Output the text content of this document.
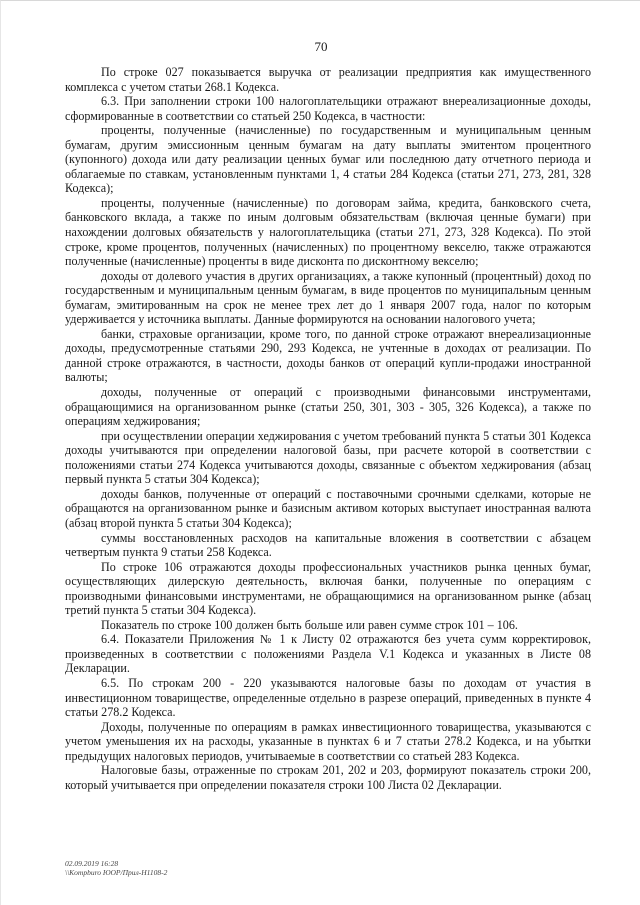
70

По строке 027 показывается выручка от реализации предприятия как имущественного комплекса с учетом статьи 268.1 Кодекса.

6.3. При заполнении строки 100 налогоплательщики отражают внереализационные доходы, сформированные в соответствии со статьей 250 Кодекса, в частности:

проценты, полученные (начисленные) по государственным и муниципальным ценным бумагам, другим эмиссионным ценным бумагам на дату выплаты эмитентом процентного (купонного) дохода или дату реализации ценных бумаг или последнюю дату отчетного периода и облагаемые по ставкам, установленным пунктами 1, 4 статьи 284 Кодекса (статьи 271, 273, 281, 328 Кодекса);

проценты, полученные (начисленные) по договорам займа, кредита, банковского счета, банковского вклада, а также по иным долговым обязательствам (включая ценные бумаги) при нахождении долговых обязательств у налогоплательщика (статьи 271, 273, 328 Кодекса). По этой строке, кроме процентов, полученных (начисленных) по процентному векселю, также отражаются полученные (начисленные) проценты в виде дисконта по дисконтному векселю;

доходы от долевого участия в других организациях, а также купонный (процентный) доход по государственным и муниципальным ценным бумагам, в виде процентов по муниципальным ценным бумагам, эмитированным на срок не менее трех лет до 1 января 2007 года, налог по которым удерживается у источника выплаты. Данные формируются на основании налогового учета;

банки, страховые организации, кроме того, по данной строке отражают внереализационные доходы, предусмотренные статьями 290, 293 Кодекса, не учтенные в доходах от реализации. По данной строке отражаются, в частности, доходы банков от операций купли-продажи иностранной валюты;

доходы, полученные от операций с производными финансовыми инструментами, обращающимися на организованном рынке (статьи 250, 301, 303 - 305, 326 Кодекса), а также по операциям хеджирования;

при осуществлении операции хеджирования с учетом требований пункта 5 статьи 301 Кодекса доходы учитываются при определении налоговой базы, при расчете которой в соответствии с положениями статьи 274 Кодекса учитываются доходы, связанные с объектом хеджирования (абзац первый пункта 5 статьи 304 Кодекса);

доходы банков, полученные от операций с поставочными срочными сделками, которые не обращаются на организованном рынке и базисным активом которых выступает иностранная валюта (абзац второй пункта 5 статьи 304 Кодекса);

суммы восстановленных расходов на капитальные вложения в соответствии с абзацем четвертым пункта 9 статьи 258 Кодекса.

По строке 106 отражаются доходы профессиональных участников рынка ценных бумаг, осуществляющих дилерскую деятельность, включая банки, полученные по операциям с производными финансовыми инструментами, не обращающимися на организованном рынке (абзац третий пункта 5 статьи 304 Кодекса).

Показатель по строке 100 должен быть больше или равен сумме строк 101 – 106.

6.4. Показатели Приложения № 1 к Листу 02 отражаются без учета сумм корректировок, произведенных в соответствии с положениями Раздела V.1 Кодекса и указанных в Листе 08 Декларации.

6.5. По строкам 200 - 220 указываются налоговые базы по доходам от участия в инвестиционном товариществе, определенные отдельно в разрезе операций, приведенных в пункте 4 статьи 278.2 Кодекса.

Доходы, полученные по операциям в рамках инвестиционного товарищества, указываются с учетом уменьшения их на расходы, указанные в пунктах 6 и 7 статьи 278.2 Кодекса, и на убытки предыдущих налоговых периодов, учитываемые в соответствии со статьей 283 Кодекса.

Налоговые базы, отраженные по строкам 201, 202 и 203, формируют показатель строки 200, который учитывается при определении показателя строки 100 Листа 02 Декларации.

02.09.2019 16:28
\\Kompburo ЮОР/Прил-Н1108-2
